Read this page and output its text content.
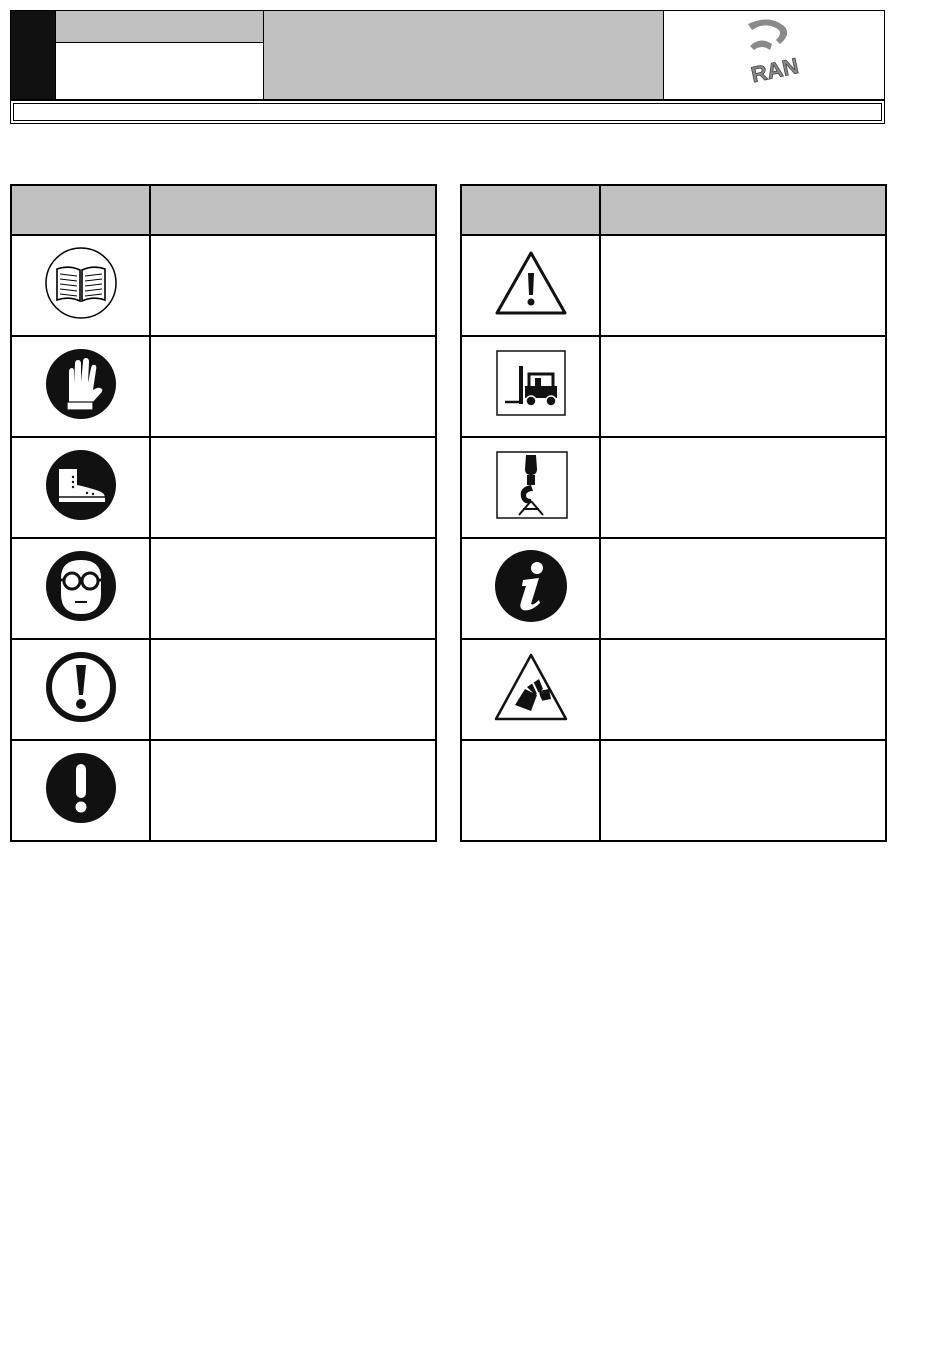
RAN
